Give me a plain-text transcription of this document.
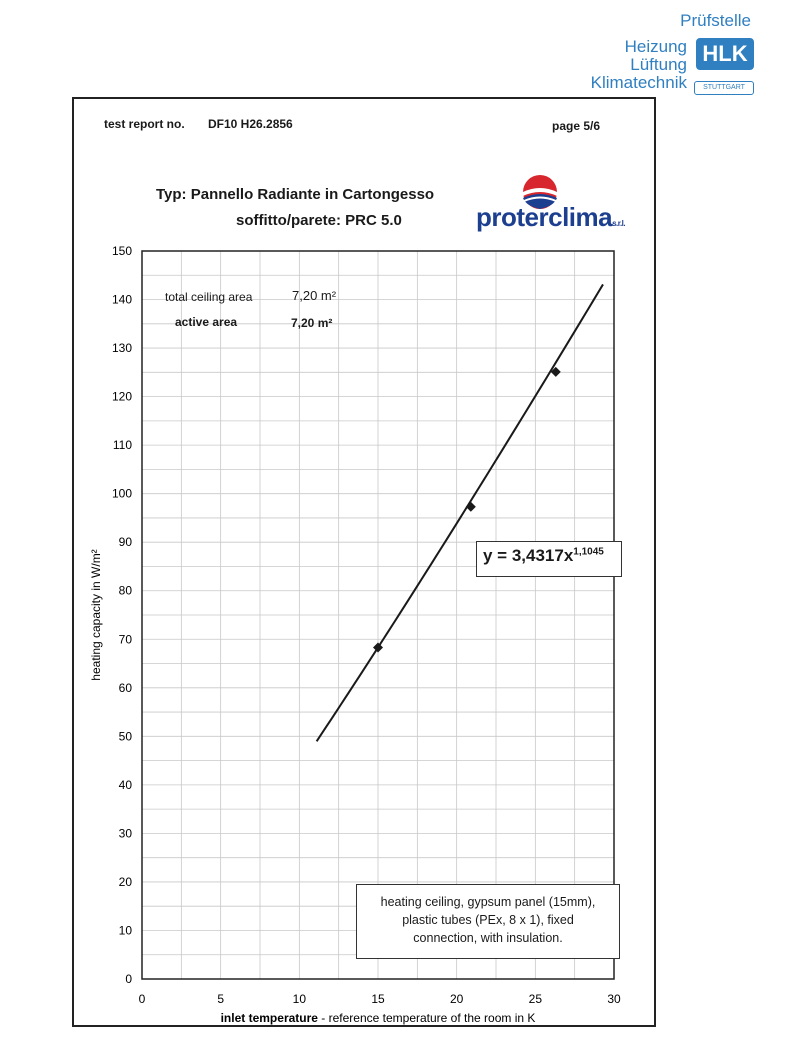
Prüfstelle
Heizung
Lüftung
Klimatechnik
HLK
STUTTGART
test report no. DF10 H26.2856	page 5/6
Typ: Pannello Radiante in Cartongesso
soffitto/parete: PRC 5.0	proterclimas.r.l.
0	5	10	15	20	25	30
0
10
20
30
40
50
60
70
80
90
100
110
120
130
140
150
heating capacity in W/m²
inlet temperature - reference temperature of the room in K
total ceiling area	7,20 m²
active area	7,20 m²
$y = 3,4317x^{1,1045}$
heating ceiling, gypsum panel (15mm),
plastic tubes (PEx, 8 x 1), fixed
connection, with insulation.
